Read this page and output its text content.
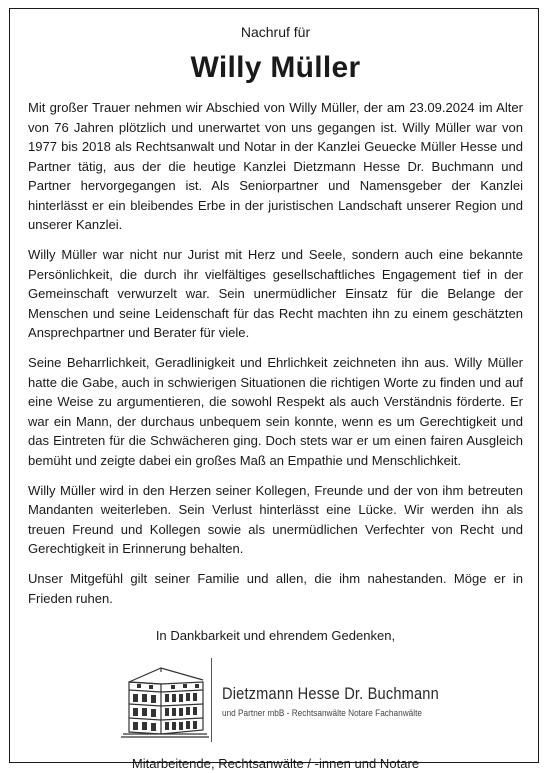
Nachruf für

Willy Müller

Mit großer Trauer nehmen wir Abschied von Willy Müller, der am 23.09.2024 im Alter von 76 Jahren plötzlich und unerwartet von uns gegangen ist. Willy Müller war von 1977 bis 2018 als Rechtsanwalt und Notar in der Kanzlei Geuecke Müller Hesse und Partner tätig, aus der die heutige Kanzlei Dietzmann Hesse Dr. Buchmann und Partner hervorgegangen ist. Als Seniorpartner und Namensgeber der Kanzlei hinterlässt er ein bleibendes Erbe in der juristischen Landschaft unserer Region und unserer Kanzlei.

Willy Müller war nicht nur Jurist mit Herz und Seele, sondern auch eine bekannte Persönlichkeit, die durch ihr vielfältiges gesellschaftliches Engagement tief in der Gemeinschaft verwurzelt war. Sein unermüdlicher Einsatz für die Belange der Menschen und seine Leidenschaft für das Recht machten ihn zu einem geschätzten Ansprechpartner und Berater für viele.

Seine Beharrlichkeit, Geradlinigkeit und Ehrlichkeit zeichneten ihn aus. Willy Müller hatte die Gabe, auch in schwierigen Situationen die richtigen Worte zu finden und auf eine Weise zu argumentieren, die sowohl Respekt als auch Verständnis förderte. Er war ein Mann, der durchaus unbequem sein konnte, wenn es um Gerechtigkeit und das Eintreten für die Schwächeren ging. Doch stets war er um einen fairen Ausgleich bemüht und zeigte dabei ein großes Maß an Empathie und Menschlichkeit.

Willy Müller wird in den Herzen seiner Kollegen, Freunde und der von ihm betreuten Mandanten weiterleben. Sein Verlust hinterlässt eine Lücke. Wir werden ihn als treuen Freund und Kollegen sowie als unermüdlichen Verfechter von Recht und Gerechtigkeit in Erinnerung behalten.

Unser Mitgefühl gilt seiner Familie und allen, die ihm nahestanden. Möge er in Frieden ruhen.

In Dankbarkeit und ehrendem Gedenken,

Dietzmann Hesse Dr. Buchmann
und Partner mbB - Rechtsanwälte Notare Fachanwälte

Mitarbeitende, Rechtsanwälte / -innen und Notare
